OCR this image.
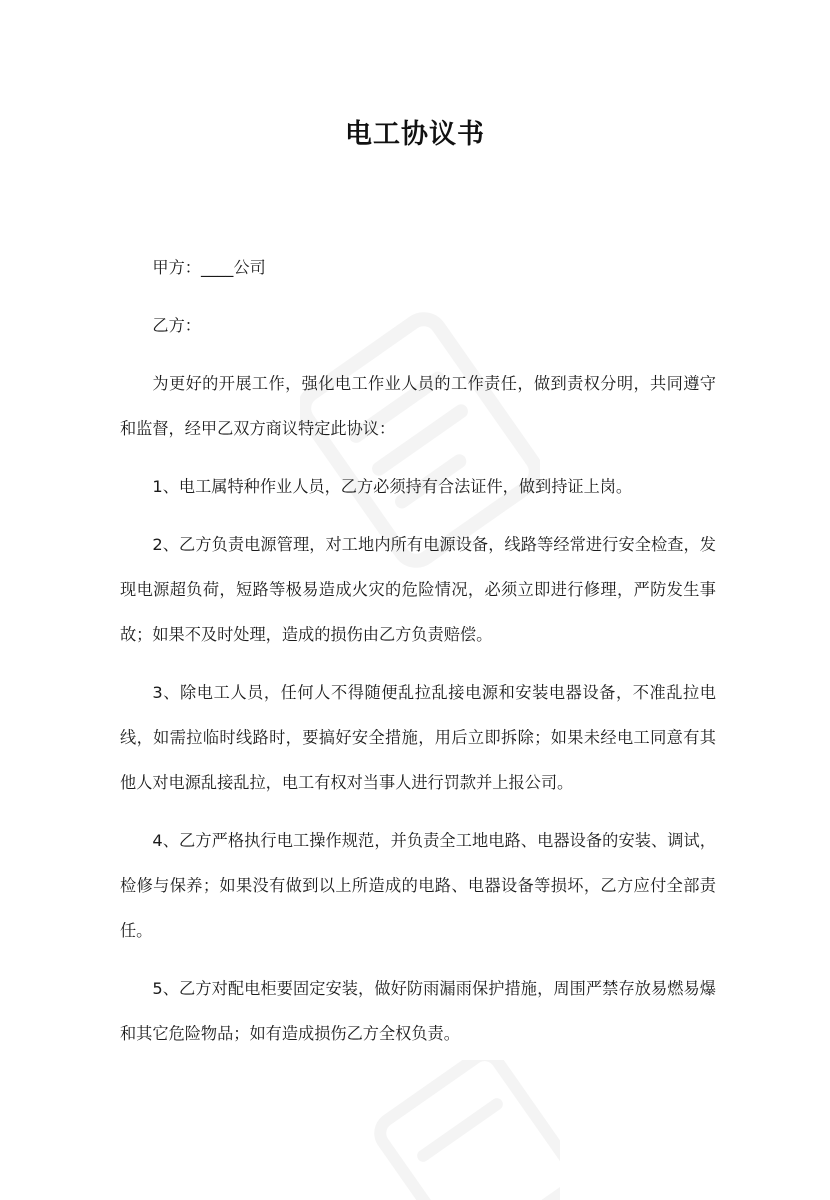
电工协议书

甲方：____公司

乙方：

为更好的开展工作，强化电工作业人员的工作责任，做到责权分明，共同遵守和监督，经甲乙双方商议特定此协议：

1、电工属特种作业人员，乙方必须持有合法证件，做到持证上岗。

2、乙方负责电源管理，对工地内所有电源设备，线路等经常进行安全检查，发现电源超负荷，短路等极易造成火灾的危险情况，必须立即进行修理，严防发生事故；如果不及时处理，造成的损伤由乙方负责赔偿。

3、除电工人员，任何人不得随便乱拉乱接电源和安装电器设备，不准乱拉电线，如需拉临时线路时，要搞好安全措施，用后立即拆除；如果未经电工同意有其他人对电源乱接乱拉，电工有权对当事人进行罚款并上报公司。

4、乙方严格执行电工操作规范，并负责全工地电路、电器设备的安装、调试，检修与保养；如果没有做到以上所造成的电路、电器设备等损坏，乙方应付全部责任。

5、乙方对配电柜要固定安装，做好防雨漏雨保护措施，周围严禁存放易燃易爆和其它危险物品；如有造成损伤乙方全权负责。
